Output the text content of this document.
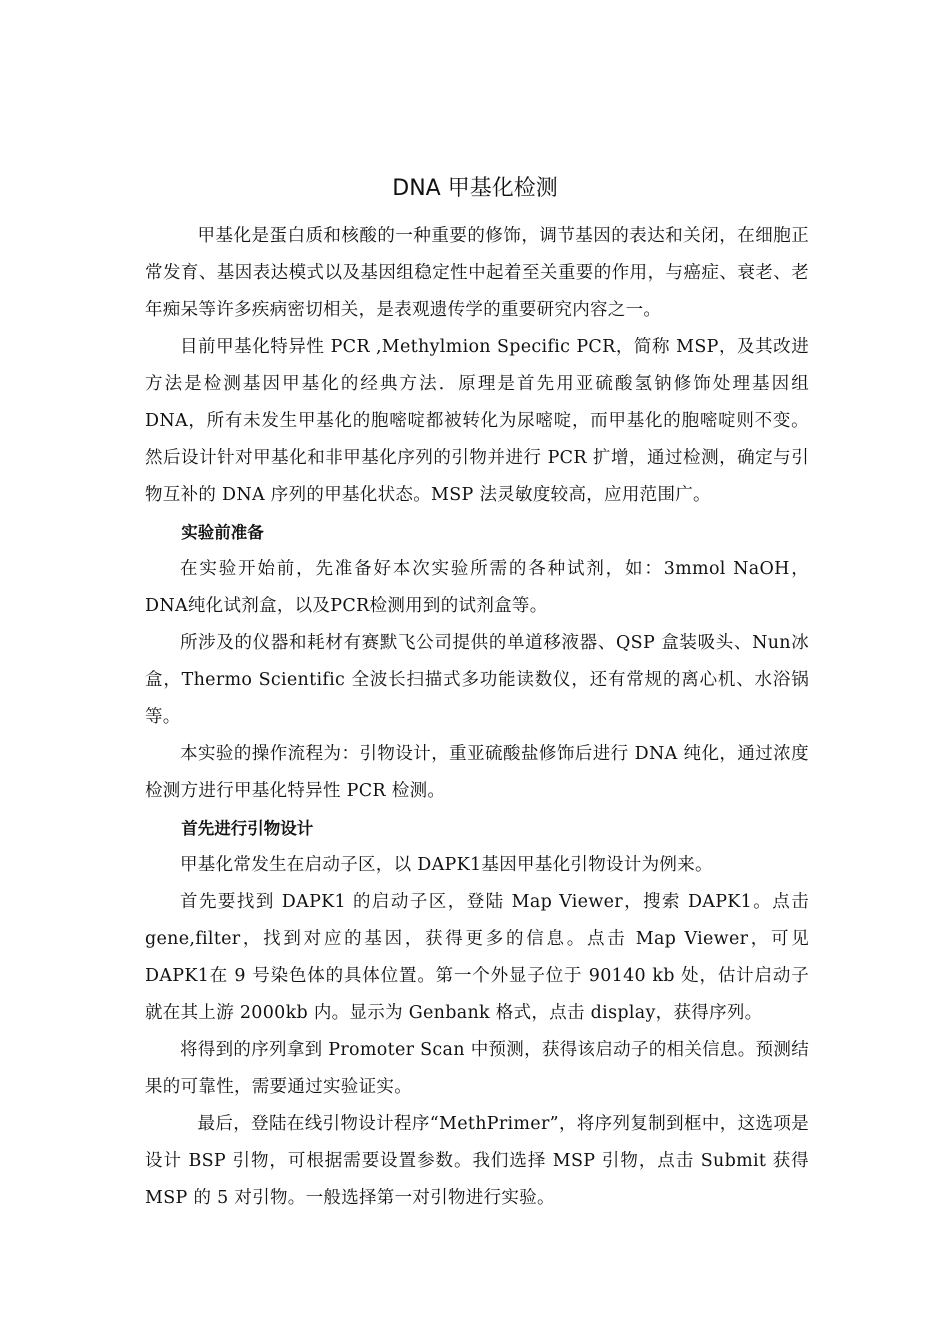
DNA 甲基化检测

甲基化是蛋白质和核酸的一种重要的修饰，调节基因的表达和关闭，在细胞正常发育、基因表达模式以及基因组稳定性中起着至关重要的作用，与癌症、衰老、老年痴呆等许多疾病密切相关，是表观遗传学的重要研究内容之一。

目前甲基化特异性 PCR ,Methylmion Specific PCR，简称 MSP，及其改进方法是检测基因甲基化的经典方法．原理是首先用亚硫酸氢钠修饰处理基因组 DNA，所有未发生甲基化的胞嘧啶都被转化为尿嘧啶，而甲基化的胞嘧啶则不变。然后设计针对甲基化和非甲基化序列的引物并进行 PCR 扩增，通过检测，确定与引物互补的 DNA 序列的甲基化状态。MSP 法灵敏度较高，应用范围广。

实验前准备

在实验开始前，先准备好本次实验所需的各种试剂，如：3mmol NaOH，DNA纯化试剂盒，以及PCR检测用到的试剂盒等。

所涉及的仪器和耗材有赛默飞公司提供的单道移液器、QSP 盒装吸头、Nun冰盒，Thermo Scientific 全波长扫描式多功能读数仪，还有常规的离心机、水浴锅等。

本实验的操作流程为：引物设计，重亚硫酸盐修饰后进行 DNA 纯化，通过浓度检测方进行甲基化特异性 PCR 检测。

首先进行引物设计

甲基化常发生在启动子区，以 DAPK1基因甲基化引物设计为例来。

首先要找到 DAPK1 的启动子区，登陆 Map Viewer，搜索 DAPK1。点击gene,filter，找到对应的基因，获得更多的信息。点击 Map Viewer，可见 DAPK1在 9 号染色体的具体位置。第一个外显子位于 90140 kb 处，估计启动子就在其上游 2000kb 内。显示为 Genbank 格式，点击 display，获得序列。

将得到的序列拿到 Promoter Scan 中预测，获得该启动子的相关信息。预测结果的可靠性，需要通过实验证实。

最后，登陆在线引物设计程序“MethPrimer”，将序列复制到框中，这选项是设计 BSP 引物，可根据需要设置参数。我们选择 MSP 引物，点击 Submit 获得 MSP 的 5 对引物。一般选择第一对引物进行实验。
